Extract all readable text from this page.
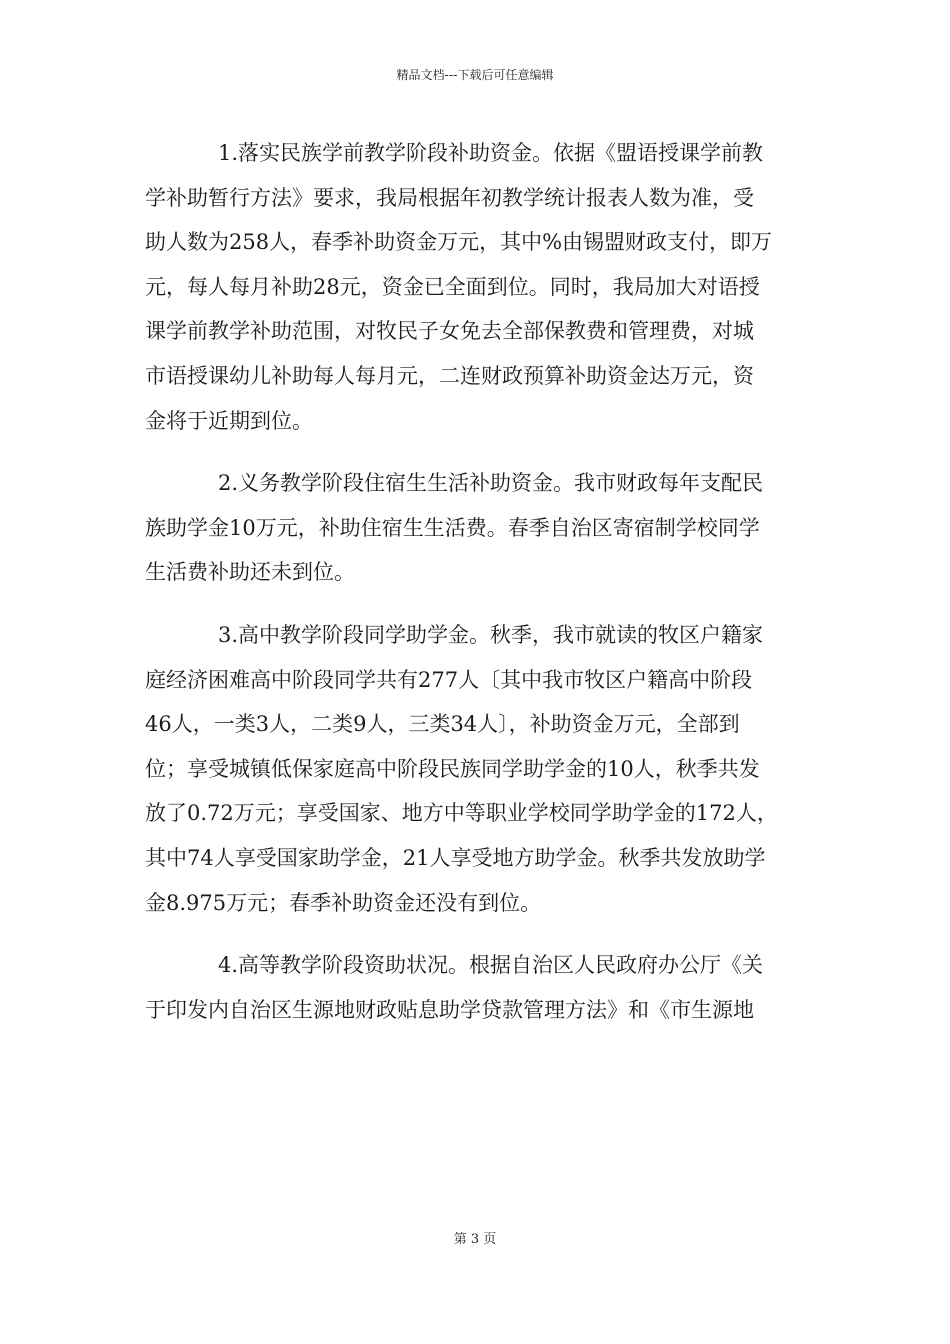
精品文档---下载后可任意编辑
1.落实民族学前教学阶段补助资金。依据《盟语授课学前教
学补助暂行方法》要求，我局根据年初教学统计报表人数为准，受
助人数为258人，春季补助资金万元，其中%由锡盟财政支付，即万
元，每人每月补助28元，资金已全面到位。同时，我局加大对语授
课学前教学补助范围，对牧民子女免去全部保教费和管理费，对城
市语授课幼儿补助每人每月元，二连财政预算补助资金达万元，资
金将于近期到位。
2.义务教学阶段住宿生生活补助资金。我市财政每年支配民
族助学金10万元，补助住宿生生活费。春季自治区寄宿制学校同学
生活费补助还未到位。
3.高中教学阶段同学助学金。秋季，我市就读的牧区户籍家
庭经济困难高中阶段同学共有277人〔其中我市牧区户籍高中阶段
46人，一类3人，二类9人，三类34人〕，补助资金万元，全部到
位；享受城镇低保家庭高中阶段民族同学助学金的10人，秋季共发
放了0.72万元；享受国家、地方中等职业学校同学助学金的172人，
其中74人享受国家助学金，21人享受地方助学金。秋季共发放助学
金8.975万元；春季补助资金还没有到位。
4.高等教学阶段资助状况。根据自治区人民政府办公厅《关
于印发内自治区生源地财政贴息助学贷款管理方法》和《市生源地
第 3 页
